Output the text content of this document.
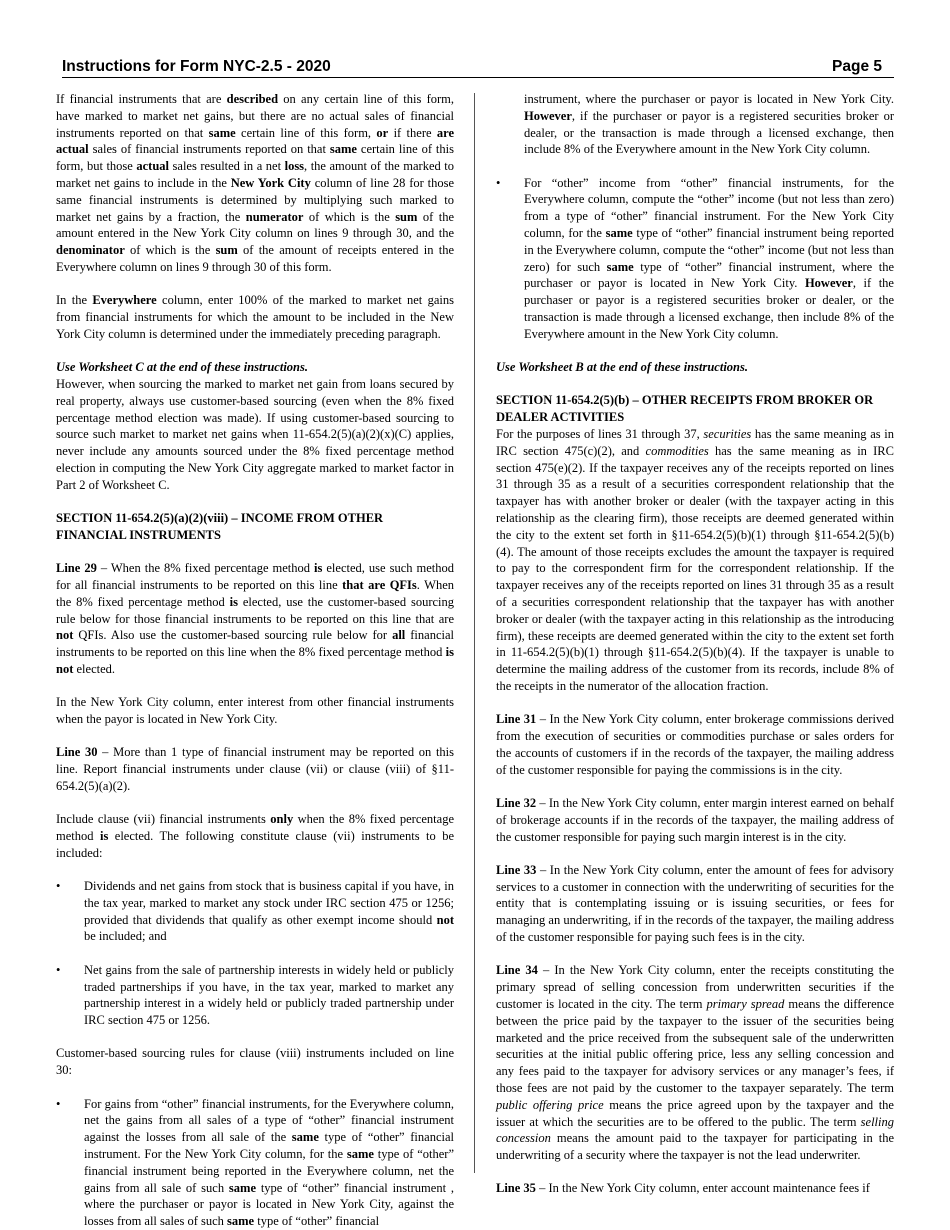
Instructions for Form NYC-2.5 - 2020	Page 5

If financial instruments that are described on any certain line of this form, have marked to market net gains, but there are no actual sales of financial instruments reported on that same certain line of this form, or if there are actual sales of financial instruments reported on that same certain line of this form, but those actual sales resulted in a net loss, the amount of the marked to market net gains to include in the New York City column of line 28 for those same financial instruments is determined by multiplying such marked to market net gains by a fraction, the numerator of which is the sum of the amount entered in the New York City column on lines 9 through 30, and the denominator of which is the sum of the amount of receipts entered in the Everywhere column on lines 9 through 30 of this form.

In the Everywhere column, enter 100% of the marked to market net gains from financial instruments for which the amount to be included in the New York City column is determined under the immediately preceding paragraph.

Use Worksheet C at the end of these instructions.

However, when sourcing the marked to market net gain from loans secured by real property, always use customer-based sourcing (even when the 8% fixed percentage method election was made). If using customer-based sourcing to source such market to market net gains when 11-654.2(5)(a)(2)(x)(C) applies, never include any amounts sourced under the 8% fixed percentage method election in computing the New York City aggregate marked to market factor in Part 2 of Worksheet C.

SECTION 11-654.2(5)(a)(2)(viii) – INCOME FROM OTHER FINANCIAL INSTRUMENTS

Line 29 – When the 8% fixed percentage method is elected, use such method for all financial instruments to be reported on this line that are QFIs. When the 8% fixed percentage method is elected, use the customer-based sourcing rule below for those financial instruments to be reported on this line that are not QFIs. Also use the customer-based sourcing rule below for all financial instruments to be reported on this line when the 8% fixed percentage method is not elected.

In the New York City column, enter interest from other financial instruments when the payor is located in New York City.

Line 30 – More than 1 type of financial instrument may be reported on this line. Report financial instruments under clause (vii) or clause (viii) of §11-654.2(5)(a)(2).

Include clause (vii) financial instruments only when the 8% fixed percentage method is elected. The following constitute clause (vii) instruments to be included:

• Dividends and net gains from stock that is business capital if you have, in the tax year, marked to market any stock under IRC section 475 or 1256; provided that dividends that qualify as other exempt income should not be included; and
• Net gains from the sale of partnership interests in widely held or publicly traded partnerships if you have, in the tax year, marked to market any partnership interest in a widely held or publicly traded partnership under IRC section 475 or 1256.

Customer-based sourcing rules for clause (viii) instruments included on line 30:

• For gains from “other” financial instruments, for the Everywhere column, net the gains from all sales of a type of “other” financial instrument against the losses from all sale of the same type of “other” financial instrument. For the New York City column, for the same type of “other” financial instrument being reported in the Everywhere column, net the gains from all sale of such same type of “other” financial instrument , where the purchaser or payor is located in New York City, against the losses from all sales of such same type of “other” financial
instrument, where the purchaser or payor is located in New York City. However, if the purchaser or payor is a registered securities broker or dealer, or the transaction is made through a licensed exchange, then include 8% of the Everywhere amount in the New York City column.
• For “other” income from “other” financial instruments, for the Everywhere column, compute the “other” income (but not less than zero) from a type of “other” financial instrument. For the New York City column, for the same type of “other” financial instrument being reported in the Everywhere column, compute the “other” income (but not less than zero) for such same type of “other” financial instrument, where the purchaser or payor is located in New York City. However, if the purchaser or payor is a registered securities broker or dealer, or the transaction is made through a licensed exchange, then include 8% of the Everywhere amount in the New York City column.

Use Worksheet B at the end of these instructions.

SECTION 11-654.2(5)(b) – OTHER RECEIPTS FROM BROKER OR DEALER ACTIVITIES

For the purposes of lines 31 through 37, securities has the same meaning as in IRC section 475(c)(2), and commodities has the same meaning as in IRC section 475(e)(2). If the taxpayer receives any of the receipts reported on lines 31 through 35 as a result of a securities correspondent relationship that the taxpayer has with another broker or dealer (with the taxpayer acting in this relationship as the clearing firm), those receipts are deemed generated within the city to the extent set forth in §11-654.2(5)(b)(1) through §11-654.2(5)(b)(4). The amount of those receipts excludes the amount the taxpayer is required to pay to the correspondent firm for the correspondent relationship. If the taxpayer receives any of the receipts reported on lines 31 through 35 as a result of a securities correspondent relationship that the taxpayer has with another broker or dealer (with the taxpayer acting in this relationship as the introducing firm), these receipts are deemed generated within the city to the extent set forth in 11-654.2(5)(b)(1) through §11-654.2(5)(b)(4). If the taxpayer is unable to determine the mailing address of the customer from its records, include 8% of the receipts in the numerator of the allocation fraction.

Line 31 – In the New York City column, enter brokerage commissions derived from the execution of securities or commodities purchase or sales orders for the accounts of customers if in the records of the taxpayer, the mailing address of the customer responsible for paying the commissions is in the city.

Line 32 – In the New York City column, enter margin interest earned on behalf of brokerage accounts if in the records of the taxpayer, the mailing address of the customer responsible for paying such margin interest is in the city.

Line 33 – In the New York City column, enter the amount of fees for advisory services to a customer in connection with the underwriting of securities for the entity that is contemplating issuing or is issuing securities, or fees for managing an underwriting, if in the records of the taxpayer, the mailing address of the customer responsible for paying such fees is in the city.

Line 34 – In the New York City column, enter the receipts constituting the primary spread of selling concession from underwritten securities if the customer is located in the city. The term primary spread means the difference between the price paid by the taxpayer to the issuer of the securities being marketed and the price received from the subsequent sale of the underwritten securities at the initial public offering price, less any selling concession and any fees paid to the taxpayer for advisory services or any manager’s fees, if those fees are not paid by the customer to the taxpayer separately. The term public offering price means the price agreed upon by the taxpayer and the issuer at which the securities are to be offered to the public. The term selling concession means the amount paid to the taxpayer for participating in the underwriting of a security where the taxpayer is not the lead underwriter.

Line 35 – In the New York City column, enter account maintenance fees if
